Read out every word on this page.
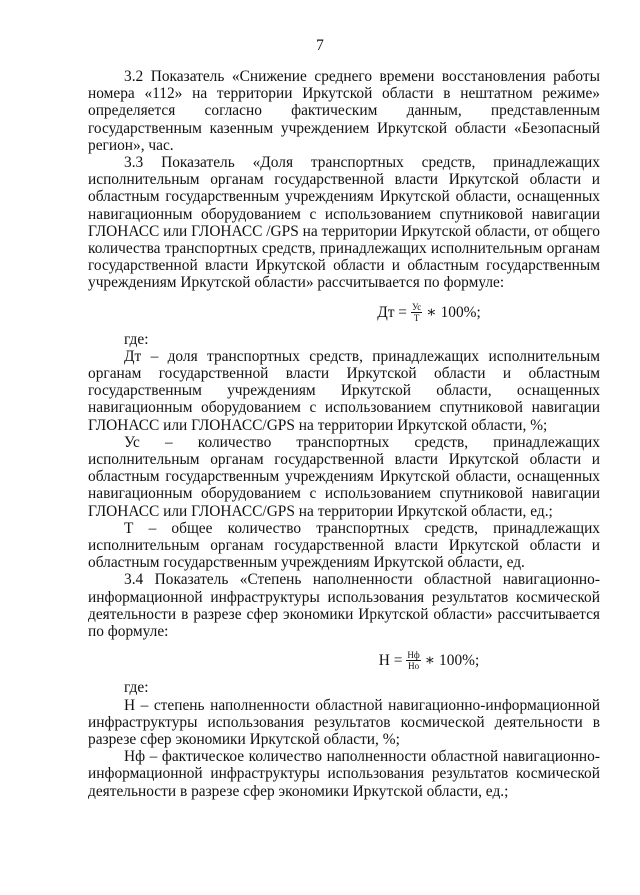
7

3.2 Показатель «Снижение среднего времени восстановления работы номера «112» на территории Иркутской области в нештатном режиме» определяется согласно фактическим данным, представленным государственным казенным учреждением Иркутской области «Безопасный регион», час.

3.3 Показатель «Доля транспортных средств, принадлежащих исполнительным органам государственной власти Иркутской области и областным государственным учреждениям Иркутской области, оснащенных навигационным оборудованием с использованием спутниковой навигации ГЛОНАСС или ГЛОНАСС /GPS на территории Иркутской области, от общего количества транспортных средств, принадлежащих исполнительным органам государственной власти Иркутской области и областным государственным учреждениям Иркутской области» рассчитывается по формуле:

Дт = $\frac{Ус}{Т}$ ∗ 100%;

где:

Дт – доля транспортных средств, принадлежащих исполнительным органам государственной власти Иркутской области и областным государственным учреждениям Иркутской области, оснащенных навигационным оборудованием с использованием спутниковой навигации ГЛОНАСС или ГЛОНАСС/GPS на территории Иркутской области, %;

Ус – количество транспортных средств, принадлежащих исполнительным органам государственной власти Иркутской области и областным государственным учреждениям Иркутской области, оснащенных навигационным оборудованием с использованием спутниковой навигации ГЛОНАСС или ГЛОНАСС/GPS на территории Иркутской области, ед.;

Т – общее количество транспортных средств, принадлежащих исполнительным органам государственной власти Иркутской области и областным государственным учреждениям Иркутской области, ед.

3.4 Показатель «Степень наполненности областной навигационно-информационной инфраструктуры использования результатов космической деятельности в разрезе сфер экономики Иркутской области» рассчитывается по формуле:

$Н = \frac{Нф}{Но}$ ∗ 100%;

где:

Н – степень наполненности областной навигационно-информационной инфраструктуры использования результатов космической деятельности в разрезе сфер экономики Иркутской области, %;

Нф – фактическое количество наполненности областной навигационно-информационной инфраструктуры использования результатов космической деятельности в разрезе сфер экономики Иркутской области, ед.;
